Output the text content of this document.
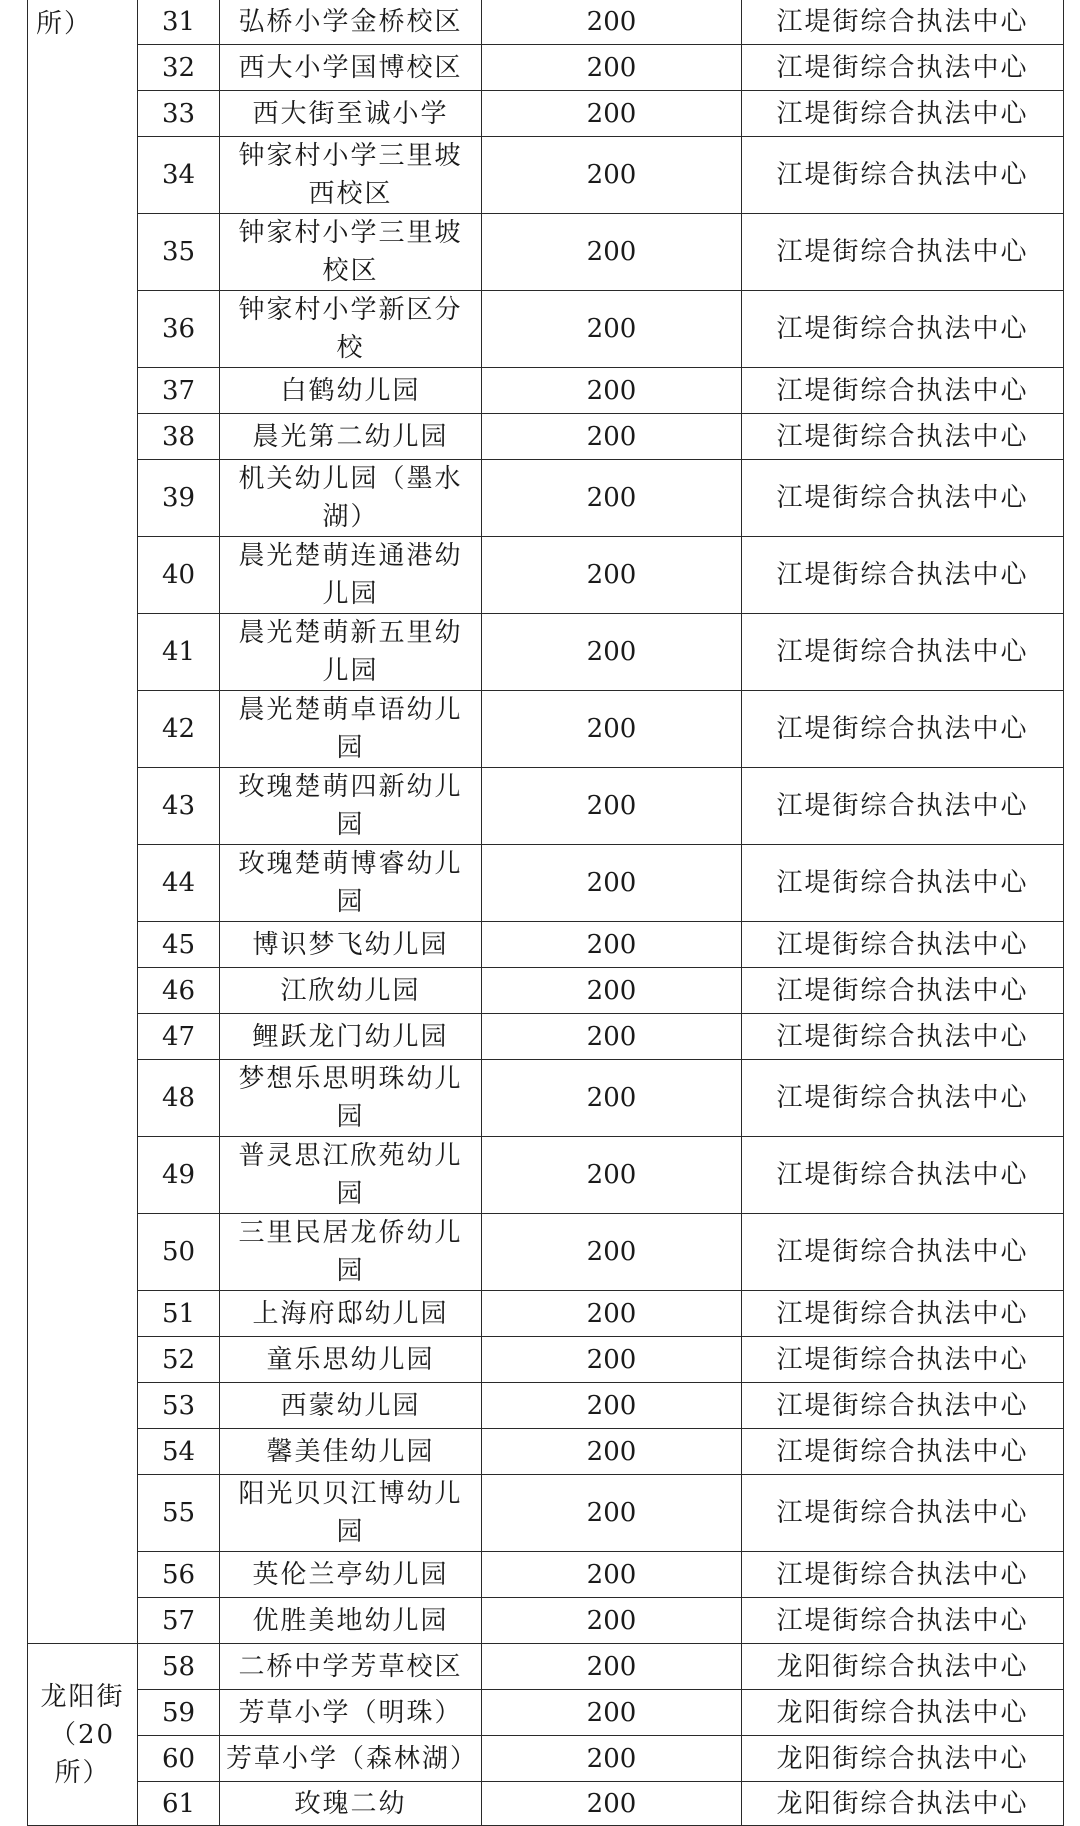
所）	31	弘桥小学金桥校区	200	江堤街综合执法中心
	32	西大小学国博校区	200	江堤街综合执法中心
	33	西大街至诚小学	200	江堤街综合执法中心
	34	钟家村小学三里坡西校区	200	江堤街综合执法中心
	35	钟家村小学三里坡校区	200	江堤街综合执法中心
	36	钟家村小学新区分校	200	江堤街综合执法中心
	37	白鹤幼儿园	200	江堤街综合执法中心
	38	晨光第二幼儿园	200	江堤街综合执法中心
	39	机关幼儿园（墨水湖）	200	江堤街综合执法中心
	40	晨光楚萌连通港幼儿园	200	江堤街综合执法中心
	41	晨光楚萌新五里幼儿园	200	江堤街综合执法中心
	42	晨光楚萌卓语幼儿园	200	江堤街综合执法中心
	43	玫瑰楚萌四新幼儿园	200	江堤街综合执法中心
	44	玫瑰楚萌博睿幼儿园	200	江堤街综合执法中心
	45	博识梦飞幼儿园	200	江堤街综合执法中心
	46	江欣幼儿园	200	江堤街综合执法中心
	47	鲤跃龙门幼儿园	200	江堤街综合执法中心
	48	梦想乐思明珠幼儿园	200	江堤街综合执法中心
	49	普灵思江欣苑幼儿园	200	江堤街综合执法中心
	50	三里民居龙侨幼儿园	200	江堤街综合执法中心
	51	上海府邸幼儿园	200	江堤街综合执法中心
	52	童乐思幼儿园	200	江堤街综合执法中心
	53	西蒙幼儿园	200	江堤街综合执法中心
	54	馨美佳幼儿园	200	江堤街综合执法中心
	55	阳光贝贝江博幼儿园	200	江堤街综合执法中心
	56	英伦兰亭幼儿园	200	江堤街综合执法中心
	57	优胜美地幼儿园	200	江堤街综合执法中心

龙阳街
（20
所）	58	二桥中学芳草校区	200	龙阳街综合执法中心
	59	芳草小学（明珠）	200	龙阳街综合执法中心
	60	芳草小学（森林湖）	200	龙阳街综合执法中心
	61	玫瑰二幼	200	龙阳街综合执法中心
